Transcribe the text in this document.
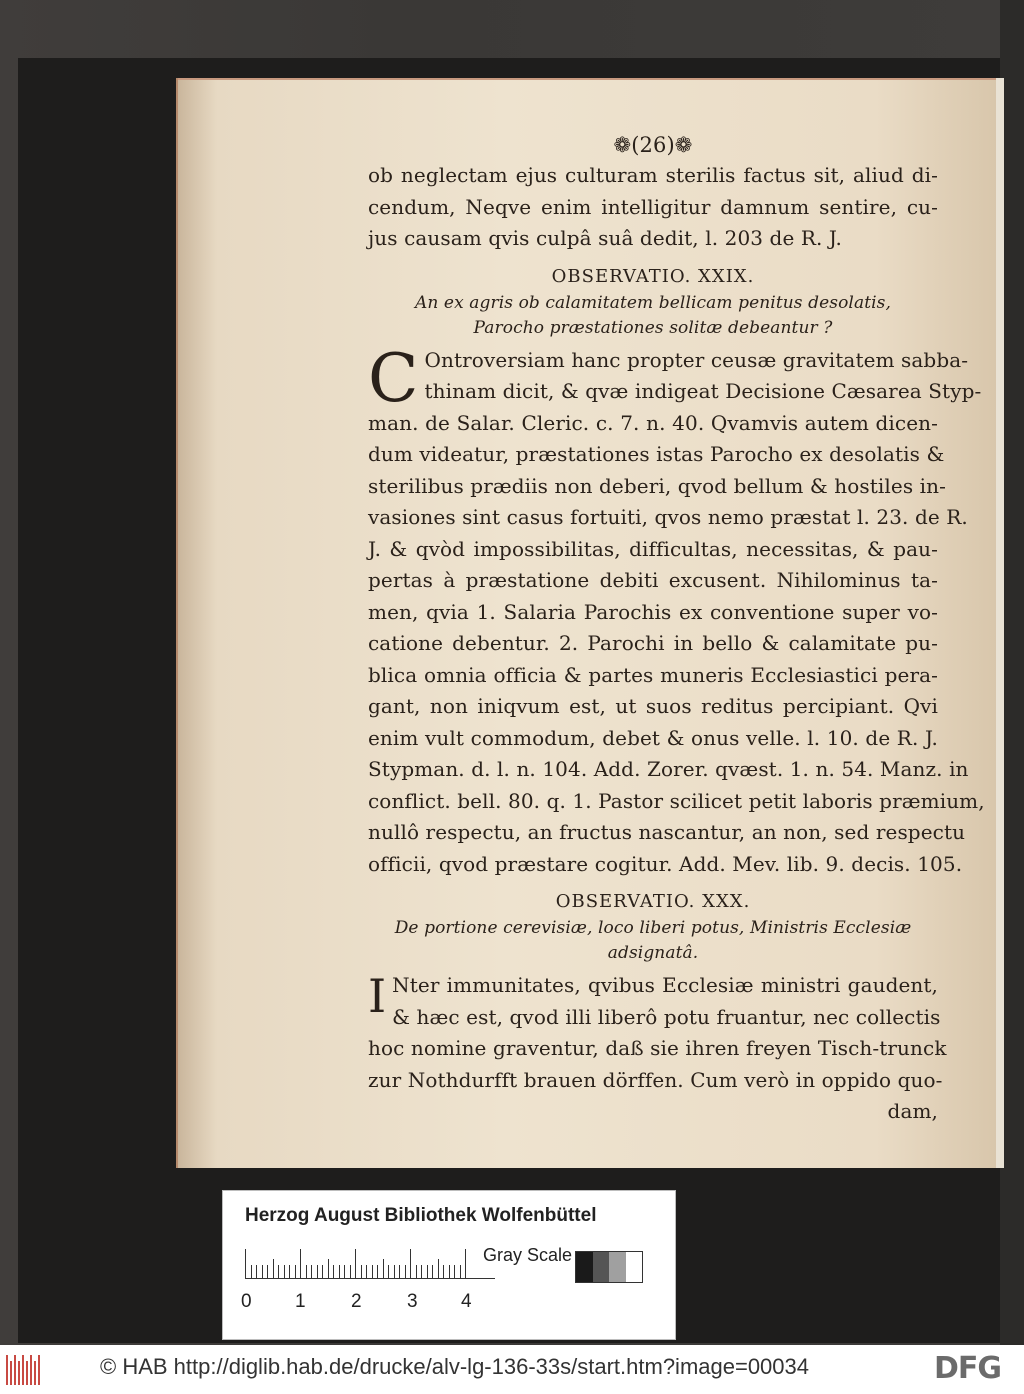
❁(26)❁
ob neglectam ejus culturam sterilis factus sit, aliud di-
cendum, Neqve enim intelligitur damnum sentire, cu-
jus causam qvis culpâ suâ dedit, l. 203 de R. J.
OBSERVATIO. XXIX.
An ex agris ob calamitatem bellicam penitus desolatis,
Parocho præstationes solitæ debeantur ?
C Ontroversiam hanc propter ceusæ gravitatem sabba-
thinam dicit, & qvæ indigeat Decisione Cæsarea Styp-
man. de Salar. Cleric. c. 7. n. 40. Qvamvis autem dicen-
dum videatur, præstationes istas Parocho ex desolatis &
sterilibus prædiis non deberi, qvod bellum & hostiles in-
vasiones sint casus fortuiti, qvos nemo præstat l. 23. de R.
J. & qvòd impossibilitas, difficultas, necessitas, & pau-
pertas à præstatione debiti excusent. Nihilominus ta-
men, qvia 1. Salaria Parochis ex conventione super vo-
catione debentur. 2. Parochi in bello & calamitate pu-
blica omnia officia & partes muneris Ecclesiastici pera-
gant, non iniqvum est, ut suos reditus percipiant. Qvi
enim vult commodum, debet & onus velle. l. 10. de R. J.
Stypman. d. l. n. 104. Add. Zorer. qvæst. 1. n. 54. Manz. in
conflict. bell. 80. q. 1. Pastor scilicet petit laboris præmium,
nullô respectu, an fructus nascantur, an non, sed respectu
officii, qvod præstare cogitur. Add. Mev. lib. 9. decis. 105.
OBSERVATIO. XXX.
De portione cerevisiæ, loco liberi potus, Ministris Ecclesiæ
adsignatâ.
I Nter immunitates, qvibus Ecclesiæ ministri gaudent,
& hæc est, qvod illi liberô potu fruantur, nec collectis
hoc nomine graventur, daß sie ihren freyen Tisch-trunck
zur Nothdurfft brauen dörffen. Cum verò in oppido quo-
dam,
Herzog August Bibliothek Wolfenbüttel
0 1 2 3 4
Gray Scale
© HAB http://diglib.hab.de/drucke/alv-lg-136-33s/start.htm?image=00034	DFG
